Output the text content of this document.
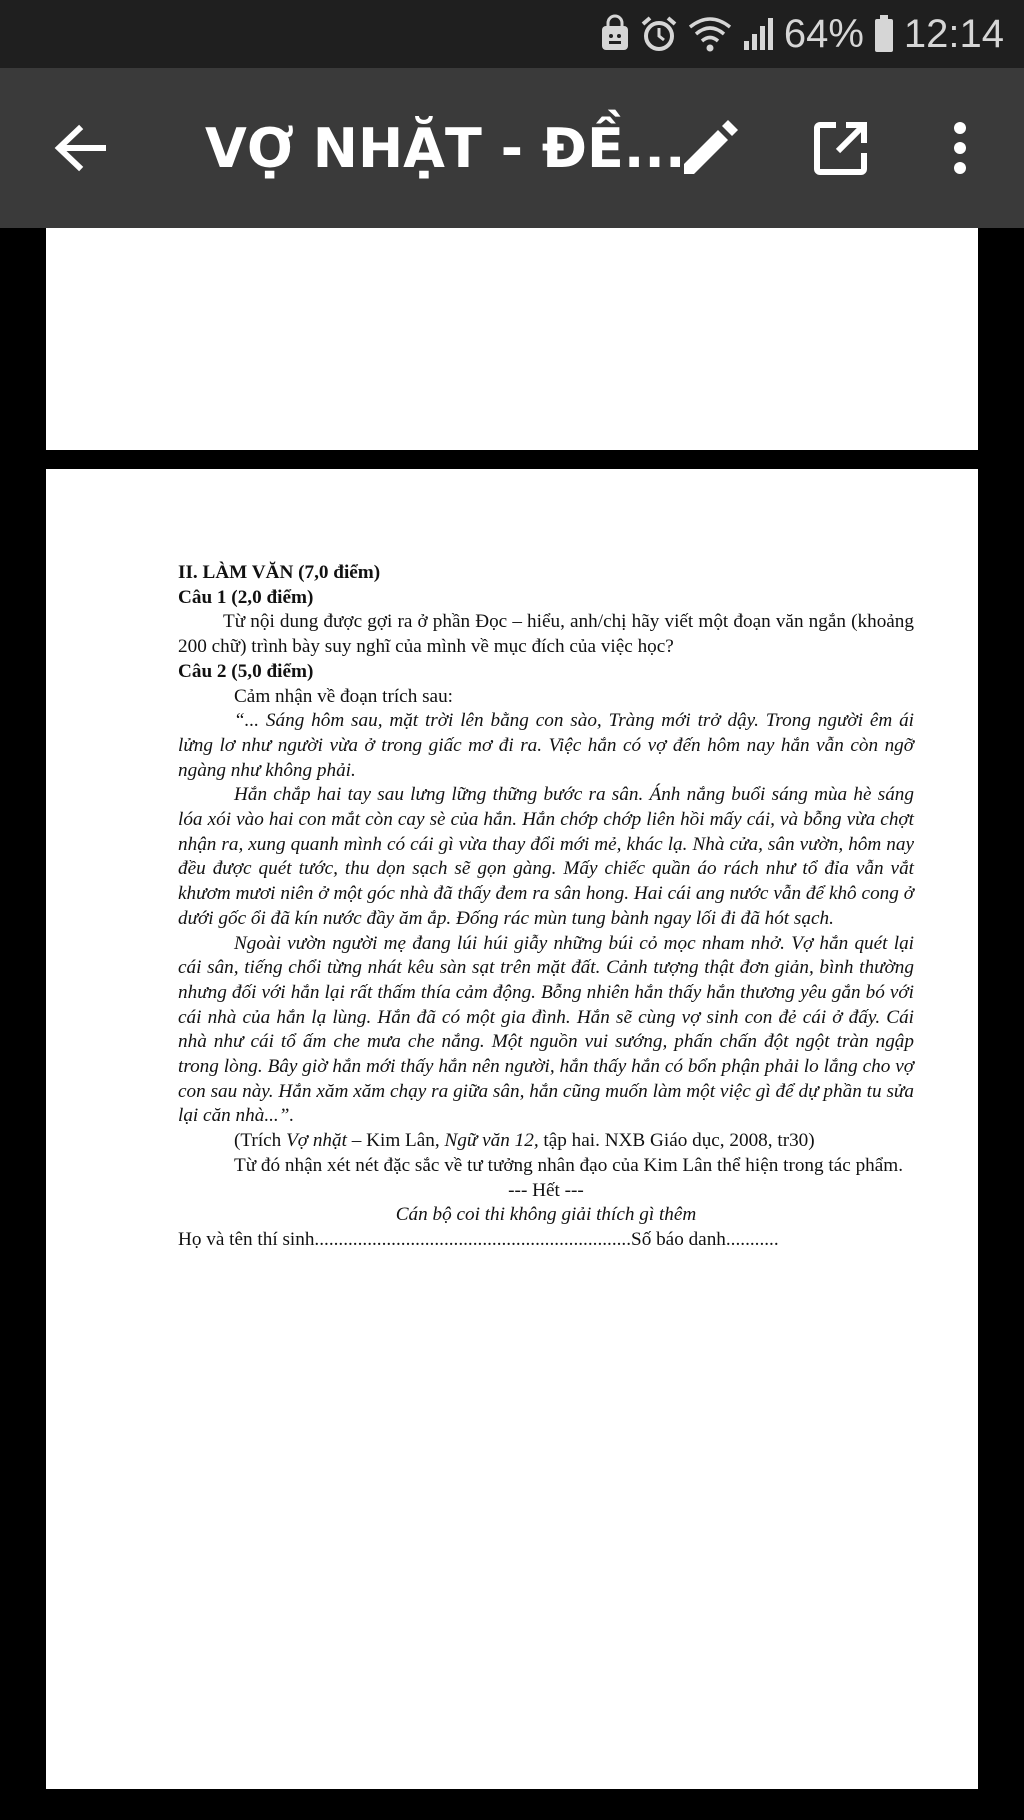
64% 12:14
VỢ NHẶT - ĐỀ...

II. LÀM VĂN (7,0 điểm)

Câu 1 (2,0 điểm)

Từ nội dung được gợi ra ở phần Đọc – hiểu, anh/chị hãy viết một đoạn văn ngắn (khoảng 200 chữ) trình bày suy nghĩ của mình về mục đích của việc học?

Câu 2 (5,0 điểm)

Cảm nhận về đoạn trích sau:

“... Sáng hôm sau, mặt trời lên bằng con sào, Tràng mới trở dậy. Trong người êm ái lửng lơ như người vừa ở trong giấc mơ đi ra. Việc hắn có vợ đến hôm nay hắn vẫn còn ngỡ ngàng như không phải.

Hắn chắp hai tay sau lưng lững thững bước ra sân. Ánh nắng buổi sáng mùa hè sáng lóa xói vào hai con mắt còn cay sè của hắn. Hắn chớp chớp liên hồi mấy cái, và bỗng vừa chợt nhận ra, xung quanh mình có cái gì vừa thay đổi mới mẻ, khác lạ. Nhà cửa, sân vườn, hôm nay đều được quét tước, thu dọn sạch sẽ gọn gàng. Mấy chiếc quần áo rách như tổ đỉa vẫn vắt khươm mươi niên ở một góc nhà đã thấy đem ra sân hong. Hai cái ang nước vẫn để khô cong ở dưới gốc ổi đã kín nước đầy ăm ắp. Đống rác mùn tung bành ngay lối đi đã hót sạch.

Ngoài vườn người mẹ đang lúi húi giẫy những búi cỏ mọc nham nhở. Vợ hắn quét lại cái sân, tiếng chổi từng nhát kêu sàn sạt trên mặt đất. Cảnh tượng thật đơn giản, bình thường nhưng đối với hắn lại rất thấm thía cảm động. Bỗng nhiên hắn thấy hắn thương yêu gắn bó với cái nhà của hắn lạ lùng. Hắn đã có một gia đình. Hắn sẽ cùng vợ sinh con đẻ cái ở đấy. Cái nhà như cái tổ ấm che mưa che nắng. Một nguồn vui sướng, phấn chấn đột ngột tràn ngập trong lòng. Bây giờ hắn mới thấy hắn nên người, hắn thấy hắn có bổn phận phải lo lắng cho vợ con sau này. Hắn xăm xăm chạy ra giữa sân, hắn cũng muốn làm một việc gì để dự phần tu sửa lại căn nhà...”.

(Trích Vợ nhặt – Kim Lân, Ngữ văn 12, tập hai. NXB Giáo dục, 2008, tr30)

Từ đó nhận xét nét đặc sắc về tư tưởng nhân đạo của Kim Lân thể hiện trong tác phẩm.

--- Hết ---

Cán bộ coi thi không giải thích gì thêm

Họ và tên thí sinh..................................................................Số báo danh...........
